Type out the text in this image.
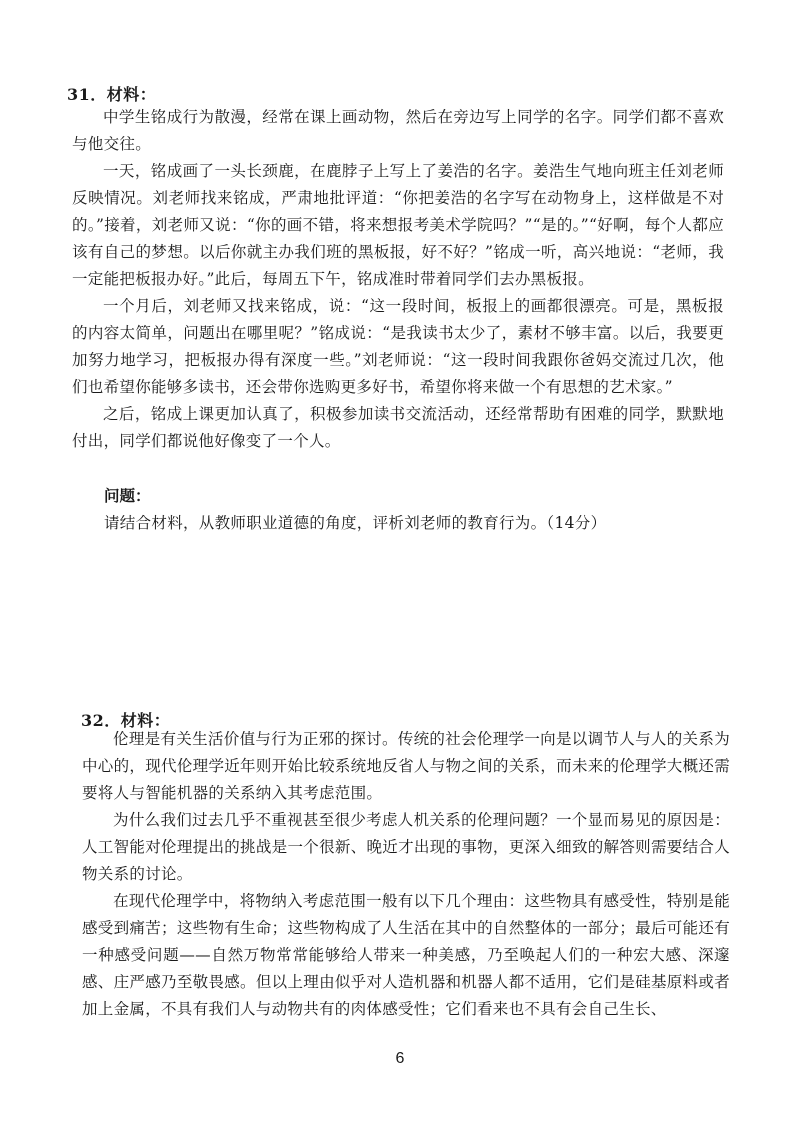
31．材料：

中学生铭成行为散漫，经常在课上画动物，然后在旁边写上同学的名字。同学们都不喜欢与他交往。

一天，铭成画了一头长颈鹿，在鹿脖子上写上了姜浩的名字。姜浩生气地向班主任刘老师反映情况。刘老师找来铭成，严肃地批评道：“你把姜浩的名字写在动物身上，这样做是不对的。”接着，刘老师又说：“你的画不错，将来想报考美术学院吗？”“是的。”“好啊，每个人都应该有自己的梦想。以后你就主办我们班的黑板报，好不好？”铭成一听，高兴地说：“老师，我一定能把板报办好。”此后，每周五下午，铭成准时带着同学们去办黑板报。

一个月后，刘老师又找来铭成，说：“这一段时间，板报上的画都很漂亮。可是，黑板报的内容太简单，问题出在哪里呢？”铭成说：“是我读书太少了，素材不够丰富。以后，我要更加努力地学习，把板报办得有深度一些。”刘老师说：“这一段时间我跟你爸妈交流过几次，他们也希望你能够多读书，还会带你选购更多好书，希望你将来做一个有思想的艺术家。”

之后，铭成上课更加认真了，积极参加读书交流活动，还经常帮助有困难的同学，默默地付出，同学们都说他好像变了一个人。

问题：

请结合材料，从教师职业道德的角度，评析刘老师的教育行为。（14分）

32．材料：

伦理是有关生活价值与行为正邪的探讨。传统的社会伦理学一向是以调节人与人的关系为中心的，现代伦理学近年则开始比较系统地反省人与物之间的关系，而未来的伦理学大概还需要将人与智能机器的关系纳入其考虑范围。

为什么我们过去几乎不重视甚至很少考虑人机关系的伦理问题？一个显而易见的原因是：人工智能对伦理提出的挑战是一个很新、晚近才出现的事物，更深入细致的解答则需要结合人物关系的讨论。

在现代伦理学中，将物纳入考虑范围一般有以下几个理由：这些物具有感受性，特别是能感受到痛苦；这些物有生命；这些物构成了人生活在其中的自然整体的一部分；最后可能还有一种感受问题——自然万物常常能够给人带来一种美感，乃至唤起人们的一种宏大感、深邃感、庄严感乃至敬畏感。但以上理由似乎对人造机器和机器人都不适用，它们是硅基原料或者加上金属，不具有我们人与动物共有的肉体感受性；它们看来也不具有会自己生长、

6
